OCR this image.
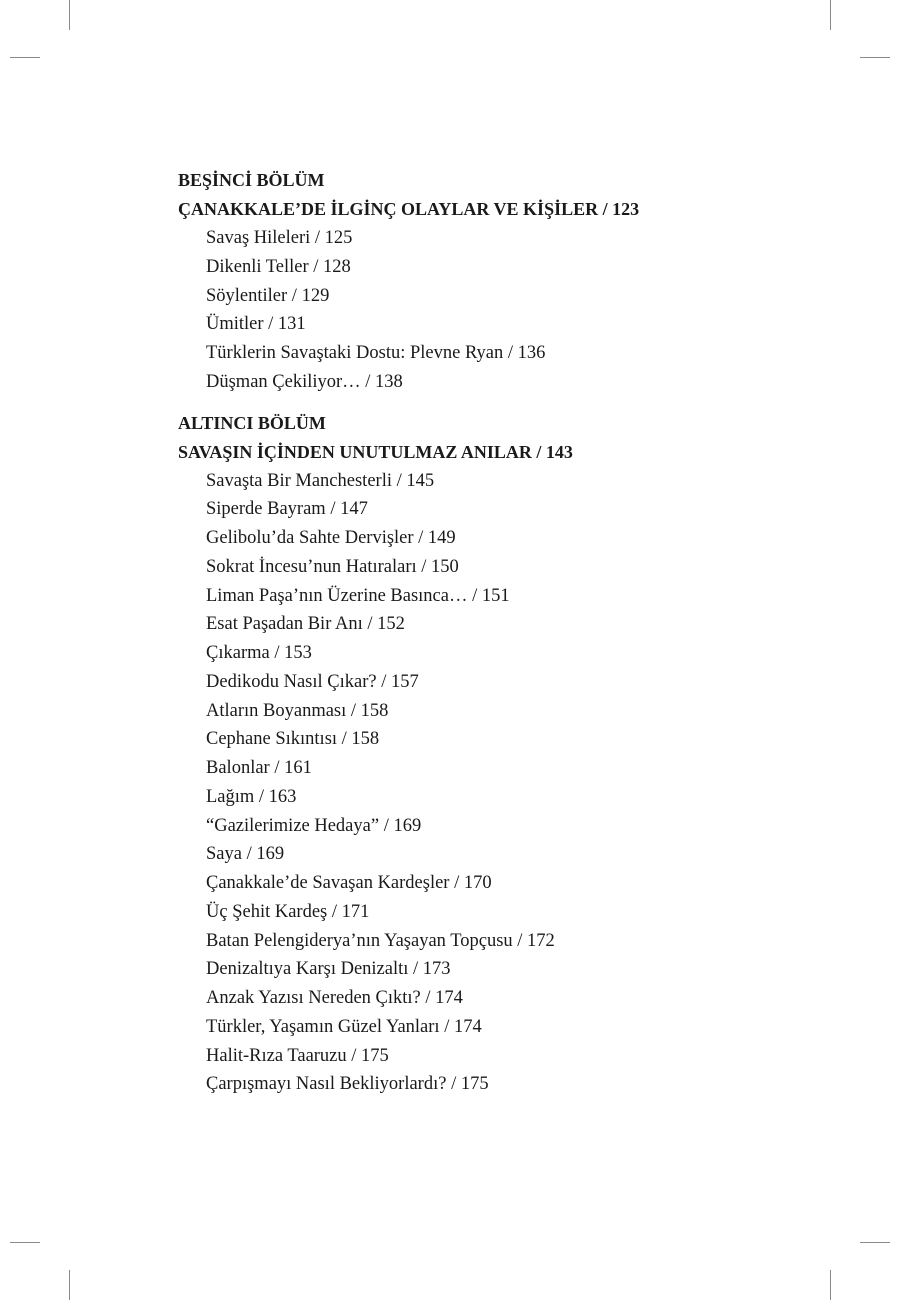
BEŞİNCİ BÖLÜM
ÇANAKKALE’DE İLGİNÇ OLAYLAR VE KİŞİLER / 123
Savaş Hileleri / 125
Dikenli Teller / 128
Söylentiler / 129
Ümitler / 131
Türklerin Savaştaki Dostu: Plevne Ryan / 136
Düşman Çekiliyor… / 138
ALTINCI BÖLÜM
SAVAŞIN İÇİNDEN UNUTULMAZ ANILAR / 143
Savaşta Bir Manchesterli / 145
Siperde Bayram / 147
Gelibolu’da Sahte Dervişler / 149
Sokrat İncesu’nun Hatıraları / 150
Liman Paşa’nın Üzerine Basınca… / 151
Esat Paşadan Bir Anı / 152
Çıkarma / 153
Dedikodu Nasıl Çıkar? / 157
Atların Boyanması / 158
Cephane Sıkıntısı / 158
Balonlar / 161
Lağım / 163
“Gazilerimize Hedaya” / 169
Saya / 169
Çanakkale’de Savaşan Kardeşler / 170
Üç Şehit Kardeş / 171
Batan Pelengiderya’nın Yaşayan Topçusu / 172
Denizaltıya Karşı Denizaltı / 173
Anzak Yazısı Nereden Çıktı? / 174
Türkler, Yaşamın Güzel Yanları / 174
Halit-Rıza Taaruzu / 175
Çarpışmayı Nasıl Bekliyorlardı? / 175
